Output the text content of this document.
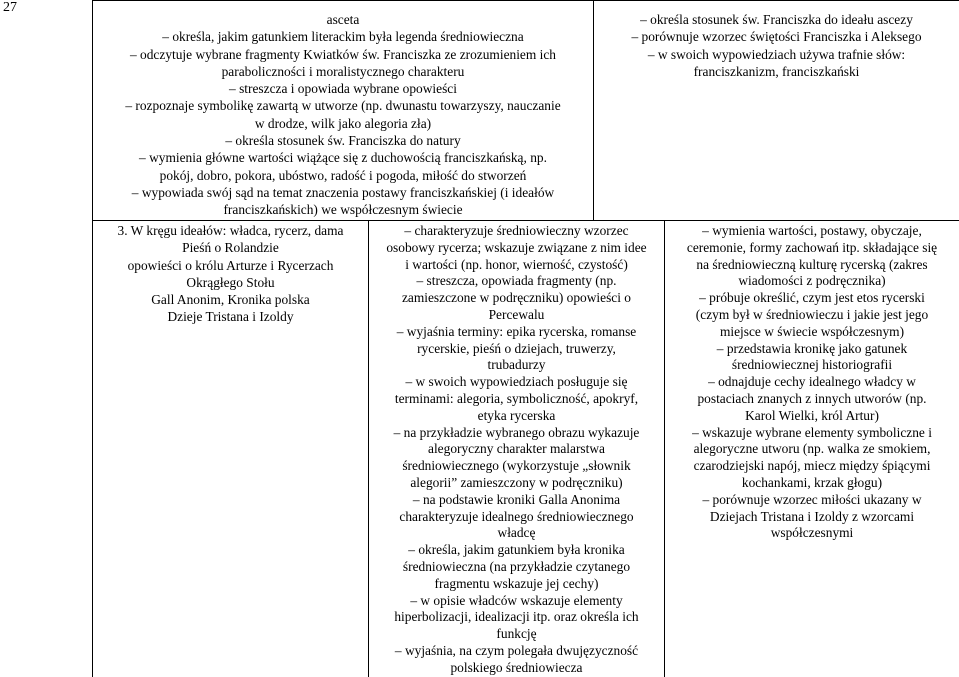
27
asceta
– określa, jakim gatunkiem literackim była legenda średniowieczna
– odczytuje wybrane fragmenty Kwiatków św. Franciszka ze zrozumieniem ich
paraboliczności i moralistycznego charakteru
– streszcza i opowiada wybrane opowieści
– rozpoznaje symbolikę zawartą w utworze (np. dwunastu towarzyszy, nauczanie
w drodze, wilk jako alegoria zła)
– określa stosunek św. Franciszka do natury
– wymienia główne wartości wiążące się z duchowością franciszkańską, np.
pokój, dobro, pokora, ubóstwo, radość i pogoda, miłość do stworzeń
– wypowiada swój sąd na temat znaczenia postawy franciszkańskiej (i ideałów
franciszkańskich) we współczesnym świecie
– określa stosunek św. Franciszka do ideału ascezy
– porównuje wzorzec świętości Franciszka i Aleksego
– w swoich wypowiedziach używa trafnie słów:
franciszkanizm, franciszkański
3. W kręgu ideałów: władca, rycerz, dama
Pieśń o Rolandzie
opowieści o królu Arturze i Rycerzach
Okrągłego Stołu
Gall Anonim, Kronika polska
Dzieje Tristana i Izoldy
– charakteryzuje średniowieczny wzorzec
osobowy rycerza; wskazuje związane z nim idee
i wartości (np. honor, wierność, czystość)
– streszcza, opowiada fragmenty (np.
zamieszczone w podręczniku) opowieści o
Percewalu
– wyjaśnia terminy: epika rycerska, romanse
rycerskie, pieśń o dziejach, truwerzy,
trubadurzy
– w swoich wypowiedziach posługuje się
terminami: alegoria, symboliczność, apokryf,
etyka rycerska
– na przykładzie wybranego obrazu wykazuje
alegoryczny charakter malarstwa
średniowiecznego (wykorzystuje „słownik
alegorii” zamieszczony w podręczniku)
– na podstawie kroniki Galla Anonima
charakteryzuje idealnego średniowiecznego
władcę
– określa, jakim gatunkiem była kronika
średniowieczna (na przykładzie czytanego
fragmentu wskazuje jej cechy)
– w opisie władców wskazuje elementy
hiperbolizacji, idealizacji itp. oraz określa ich
funkcję
– wyjaśnia, na czym polegała dwujęzyczność
polskiego średniowiecza
– wymienia wartości, postawy, obyczaje,
ceremonie, formy zachowań itp. składające się
na średniowieczną kulturę rycerską (zakres
wiadomości z podręcznika)
– próbuje określić, czym jest etos rycerski
(czym był w średniowieczu i jakie jest jego
miejsce w świecie współczesnym)
– przedstawia kronikę jako gatunek
średniowiecznej historiografii
– odnajduje cechy idealnego władcy w
postaciach znanych z innych utworów (np.
Karol Wielki, król Artur)
– wskazuje wybrane elementy symboliczne i
alegoryczne utworu (np. walka ze smokiem,
czarodziejski napój, miecz między śpiącymi
kochankami, krzak głogu)
– porównuje wzorzec miłości ukazany w
Dziejach Tristana i Izoldy z wzorcami
współczesnymi
